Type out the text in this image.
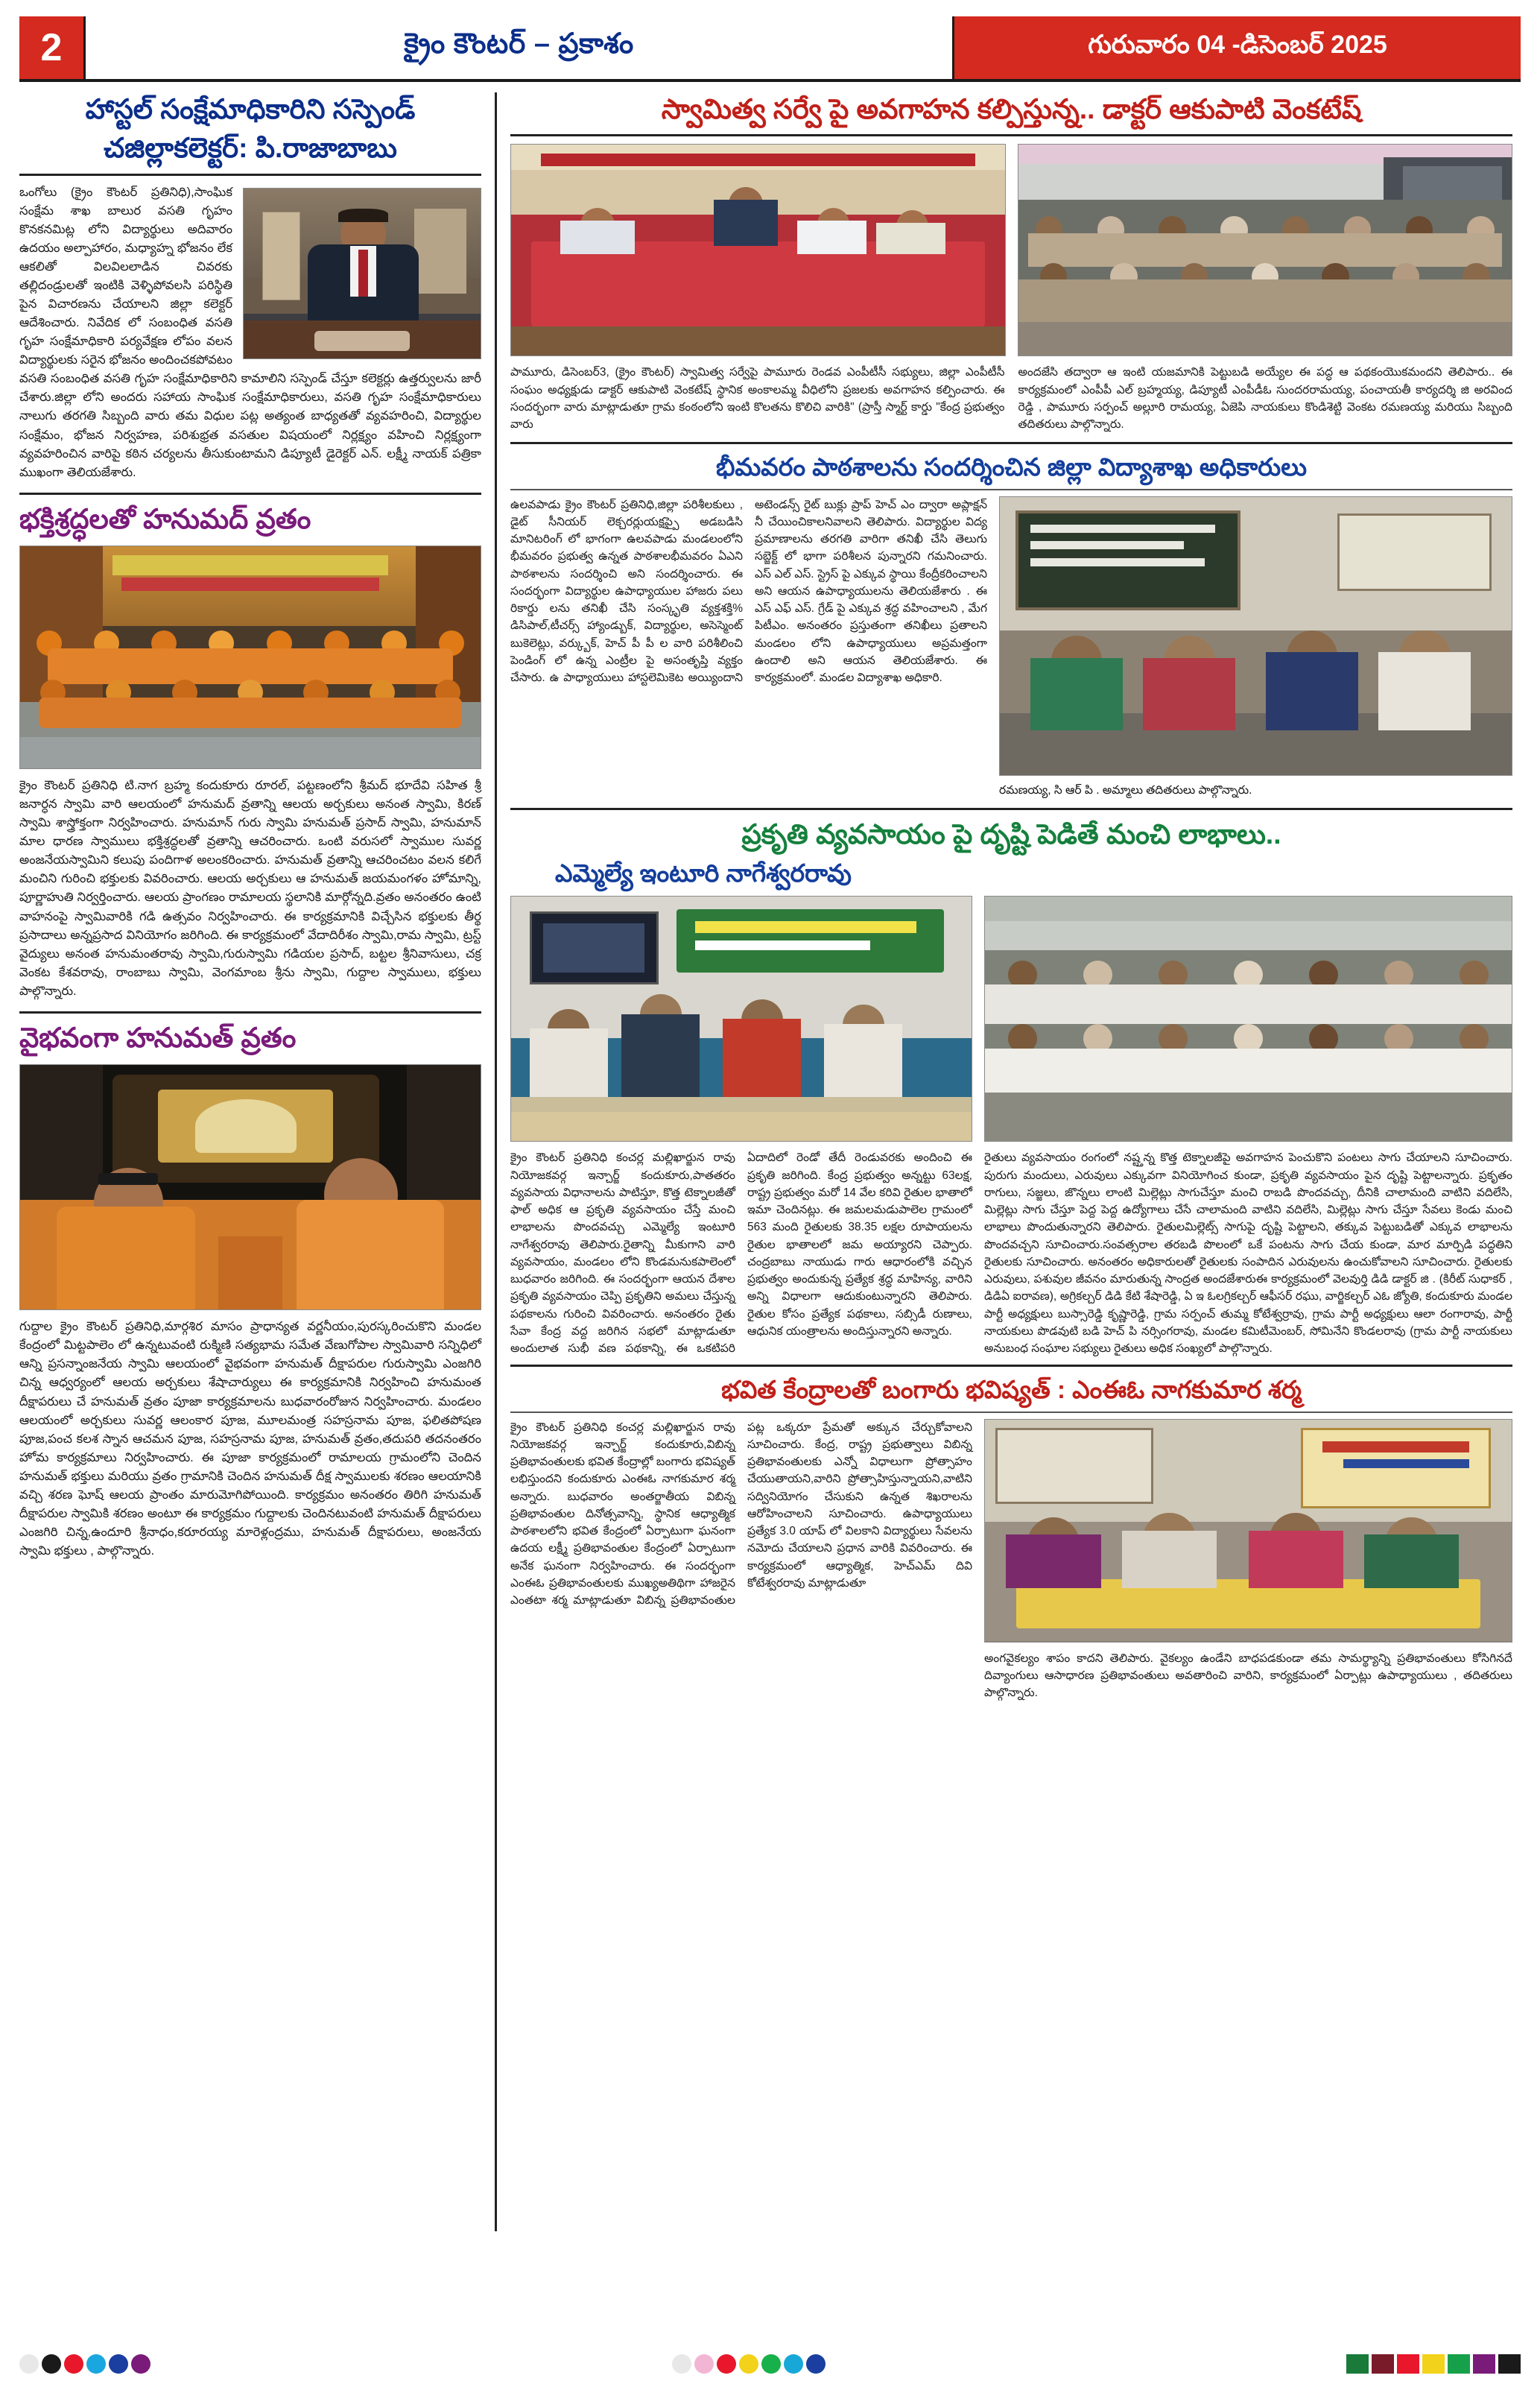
2	క్రైం కౌంటర్ – ప్రకాశం	గురువారం 04 -డిసెంబర్ 2025
హాస్టల్ సంక్షేమాధికారిని సస్పెండ్
చజిల్లాకలెక్టర్: పి.రాజాబాబు
ఒంగోలు (క్రైం కౌంటర్ ప్రతినిధి),సాంఘిక సంక్షేమ శాఖ బాలుర వసతి గృహం కొనకనమిట్ల లోని విద్యార్థులు అదివారం ఉదయం అల్పాహారం, మధ్యాహ్న భోజనం లేక ఆకలితో విలవిలలాడిన చివరకు తల్లిదండ్రులతో ఇంటికి వెళ్ళిపోవలసి పరిస్థితి పైన విచారణను చేయాలని జిల్లా కలెక్టర్ ఆదేశించారు. నివేదిక లో సంబంధిత వసతి గృహ సంక్షేమాధికారి పర్యవేక్షణ లోపం వలన విద్యార్థులకు సరైన భోజనం అందించకపోవటం వసతి సంబంధిత వసతి గృహ సంక్షేమాధికారిని కామాలిని సస్పెండ్ చేస్తూ కలెక్టర్లు ఉత్తర్వులను జారీ చేశారు.జిల్లా లోని అందరు సహాయ సాంఘిక సంక్షేమాధికారులు, వసతి గృహ సంక్షేమాధికారులు నాలుగు తరగతి సిబ్బంది వారు తమ విధుల పట్ల అత్యంత బాధ్యతతో వ్యవహరించి, విద్యార్థుల సంక్షేమం, భోజన నిర్వహణ, పరిశుభ్రత వసతుల విషయంలో నిర్లక్ష్యం వహించి నిర్లక్ష్యంగా వ్యవహరించిన వారిపై కఠిన చర్యలను తీసుకుంటామని డిప్యూటీ డైరెక్టర్ ఎన్. లక్ష్మీ నాయక్ పత్రికా ముఖంగా తెలియజేశారు.
భక్తిశ్రద్ధలతో హనుమద్ వ్రతం
క్రైం కౌంటర్ ప్రతినిధి టి.నాగ బ్రహ్మ కందుకూరు రూరల్, పట్టణంలోని శ్రీమద్ భూదేవి సహిత శ్రీ జనార్ధన స్వామి వారి ఆలయంలో హనుమద్ వ్రతాన్ని ఆలయ అర్చకులు అనంత స్వామి, కిరణ్ స్వామి శాస్త్రోక్తంగా నిర్వహించారు. హనుమాన్ గురు స్వామి హనుమత్ ప్రసాద్ స్వామి, హనుమాన్ మాల ధారణ స్వాములు భక్తిశ్రద్ధలతో వ్రతాన్ని ఆచరించారు. ఒంటి వరుసలో స్వాముల సువర్ణ అంజనేయస్వామిని కలుపు పందిగాళ అలంకరించారు. హనుమత్ వ్రతాన్ని ఆచరించటం వలన కలిగే మంచిని గురించి భక్తులకు వివరించారు. ఆలయ అర్చకులు ఆ హనుమత్ జయమంగళం హోమాన్ని, పూర్ణాహుతి నిర్వర్తించారు. ఆలయ ప్రాంగణం రామాలయ స్థలానికి మార్గోన్నది.వ్రతం అనంతరం ఉంటి వాహనంపై స్వామివారికి గడి ఉత్సవం నిర్వహించారు. ఈ కార్యక్రమానికి విచ్చేసిన భక్తులకు తీర్థ ప్రసాదాలు అన్నప్రసాద వినియోగం జరిగింది. ఈ కార్యక్రమంలో వేదాదిరీశం స్వామి,రామ స్వామి, ట్రస్ట్ వైద్యులు అనంత హనుమంతరావు స్వామి,గురుస్వామి గడియల ప్రసాద్, బట్టల శ్రీనివాసులు, చక్ర వెంకట కేశవరావు, రాంబాబు స్వామి, వెంగమాంబ శ్రీను స్వామి, గుద్దాల స్వాములు, భక్తులు పాల్గొన్నారు.
వైభవంగా హనుమత్ వ్రతం
గుద్దాల క్రైం కౌంటర్ ప్రతినిధి,మార్గశిర మాసం ప్రాధాన్యత వర్ణనీయం,పురస్కరించుకొని మండల కేంద్రంలో మిట్టపాలెం లో ఉన్నటువంటి రుక్మిణి సత్యభామ సమేత వేణుగోపాల స్వామివారి సన్నిధిలో ఆన్ని ప్రసన్నాంజనేయ స్వామి ఆలయంలో వైభవంగా హనుమత్ దీక్షాపరుల గురుస్వామి ఎంజగిరి చిన్న ఆధ్వర్యంలో ఆలయ అర్చకులు శేషాచార్యులు ఈ కార్యక్రమానికి నిర్వహించి హనుమంత దీక్షాపరులు చే హనుమత్ వ్రతం పూజా కార్యక్రమాలను బుధవారంరోజున నిర్వహించారు. మండలం ఆలయంలో అర్చకులు సువర్ణ ఆలంకార పూజ, మూలమంత్ర సహస్రనామ పూజ, ఫలితపోషణ పూజ,పంచ కలశ స్నాన ఆచమన పూజ, సహస్రనామ పూజ, హనుమత్ వ్రతం,తదుపరి తదనంతరం హోమ కార్యక్రమాలు నిర్వహించారు. ఈ పూజా కార్యక్రమంలో రామాలయ గ్రామంలోని చెందిన హనుమత్ భక్తులు మరియు వ్రతం గ్రామానికి చెందిన హనుమత్ దీక్ష స్వాములకు శరణం ఆలయానికి వచ్చి శరణ ఘోష్ ఆలయ ప్రాంతం మారుమోగిపోయింది. కార్యక్రమం అనంతరం తిరిగి హనుమత్ దీక్షాపరుల స్వామికి శరణం అంటూ ఈ కార్యక్రమం గుద్దాలకు చెందినటువంటి హనుమత్ దీక్షాపరులు ఎంజగిరి చిన్న,ఉందూరి శ్రీనాధం,కరూరయ్య మారెళ్లంద్రము, హనుమత్ దీక్షాపరులు, అంజనేయ స్వామి భక్తులు , పాల్గొన్నారు.
స్వామిత్వ సర్వే పై అవగాహన కల్పిస్తున్న.. డాక్టర్ ఆకుపాటి వెంకటేష్
పామూరు, డిసెంబర్3, (క్రైం కౌంటర్) స్వామిత్వ సర్వేపై పామూరు రెండవ ఎంపీటీసీ సభ్యులు, జిల్లా ఎంపీటీసీ సంఘం అధ్యక్షుడు డాక్టర్ ఆకుపాటి వెంకటేష్ స్థానిక అంకాలమ్మ వీధిలోని ప్రజలకు అవగాహన కల్పించారు. ఈ సందర్భంగా వారు మాట్లాడుతూ గ్రామ కంఠంలోని ఇంటి కొలతను కొలిచి వారికి" (ప్రాస్తీ స్మార్ట్ కార్డు "కేంద్ర ప్రభుత్వం వారు
అందజేసి తద్వారా ఆ ఇంటి యజమానికి పెట్టుబడి అయ్యేల ఈ పద్ధ ఆ పథకంయొకమందని తెలిపారు.. ఈ కార్యక్రమంలో ఎంపీపీ ఎల్ బ్రహ్మయ్య, డిప్యూటీ ఎంపీడీఓ సుందరరామయ్య, పంచాయతీ కార్యదర్శి జి అరవింద రెడ్డి , పామూరు సర్పంచ్ అల్లూరి రామయ్య, ఏజెపి నాయకులు కొండిశెట్టి వెంకట రమణయ్య మరియు సిబ్బంది తదితరులు పాల్గొన్నారు.
భీమవరం పాఠశాలను సందర్శించిన జిల్లా విద్యాశాఖ అధికారులు
ఉలవపాడు క్రైం కౌంటర్ ప్రతినిధి,జిల్లా పరిశీలకులు , డైట్ సీనియర్ లెక్చరర్లుయక్షప్పై అడబడిసి మానిటరింగ్ లో భాగంగా ఉలవపాడు మండలంలోని భీమవరం ప్రభుత్వ ఉన్నత పాఠశాలభీమవరం ఏఎని పాఠశాలను సందర్శించి అని సందర్శించారు. ఈ సందర్భంగా విద్యార్థుల ఉపాధ్యాయుల హాజరు పలు రికార్డు లను తనిఖీ చేసి సంస్కృతి వ్యక్తశక్తి% డిసిపాల్,టీచర్స్ హ్యాండ్బుక్, విద్యార్థుల, అసెస్మెంట్ బుకెలెట్లు, వర్క్బుక్, హెచ్ పీ పీ ల వారి పరిశీలించి పెండింగ్ లో ఉన్న ఎంట్రీల పై అసంతృప్తి వ్యక్తం చేసారు. ఉ పాధ్యాయులు హాస్టలెమికెట అయ్యిందాని అటెండన్స్ రైట్ బుక్లు ప్రాప్ హెచ్ ఎం ద్వారా అప్లాక్షన్ నీ చేయించికాలనివాలని తెలిపారు. విద్యార్థుల విద్య ప్రమాణాలను తరగతి వారిగా తనిఖీ చేసి తెలుగు సబ్జెక్ట్ లో భాగా పరిశీలన పున్నారని గమనించారు. ఎస్ ఎల్ ఎస్. స్ట్రెస్ పై ఎక్కువ స్థాయి కేంద్రీకరించాలని అని ఆయన ఉపాధ్యాయులను తెలియజేశారు . ఈ ఎస్ ఎఫ్ ఎస్. గ్రేడ్ పై ఎక్కువ శ్రద్ధ వహించాలని , మేగ పిటీఎం. అనంతరం ప్రస్తుతంగా తనిఖీలు ప్రతాలని మండలం లోని ఉపాధ్యాయులు అప్రమత్తంగా ఉందాలి అని ఆయన తెలియజేశారు. ఈ కార్యక్రమంలో. మండల విద్యాశాఖ అధికారి.
రమణయ్య, సి ఆర్ పి . అమ్మాలు తదితరులు పాల్గొన్నారు.
ప్రకృతి వ్యవసాయం పై దృష్టి పెడితే మంచి లాభాలు..
ఎమ్మెల్యే ఇంటూరి నాగేశ్వరరావు
క్రైం కౌంటర్ ప్రతినిధి కంచర్ల మల్లిఖార్జున రావు నియోజకవర్గ ఇన్చార్జ్ కందుకూరు,పాతతరం వ్యవసాయ విధానాలను పాటిస్తూ, కొత్త టెక్నాలజీతో ఫాల్ అధిక ఆ ప్రకృతి వ్యవసాయం చేస్తే మంచి లాభాలను పొందవచ్చు ఎమ్మెల్యే ఇంటూరి నాగేశ్వరరావు తెలిపారు.రైతాన్ని మీకుగాని వారి వ్యవసాయం, మండలం లోని కొండమనుకపాలెంలో బుధవారం జరిగింది. ఈ సందర్భంగా ఆయన దేశాల ప్రకృతి వ్యవసాయం చెప్పి ప్రకృతిని అమలు చేస్తున్న పథకాలను గురించి వివరించారు. అనంతరం రైతు సేవా కేంద్ర వద్ద జరిగిన సభలో మాట్లాడుతూ అందులాత సుభీ వణ పథకాన్ని, ఈ ఒకటిపరి ఏదాదిలో రెండో తేదీ రెండువరకు అందించి ఈ ప్రకృతి జరిగింది. కేంద్ర ప్రభుత్వం అన్నట్టు 63లక్ష, రాష్ట్ర ప్రభుత్వం మరో 14 వేల కరివి రైతుల భాతాలో ఇమా చెందినట్లు. ఈ జమలమడుపాలెల గ్రామంలో 563 మంది రైతులకు 38.35 లక్షల రూపాయలను రైతుల భాతాలలో జమ అయ్యారని చెప్పారు. చంద్రబాబు నాయుడు గారు ఆధారంలోకి వచ్చిన ప్రభుత్వం అందుకున్న ప్రత్యేక శ్రద్ధ మాహిన్య, వారిని అన్ని విధాలగా ఆదుకుంటున్నారని తెలిపారు. రైతుల కోసం ప్రత్యేక పథకాలు, సబ్సిడీ రుణాలు, ఆధునిక యంత్రాలను అందిస్తున్నారని అన్నారు.
రైతులు వ్యవసాయం రంగంలో నష్ట్తన్న కొత్త టెక్నాలజీపై అవగాహన పెంచుకొని పంటలు సాగు చేయాలని సూచించారు. పురుగు మందులు, ఎరువులు ఎక్కువగా వినియోగించ కుండా, ప్రకృతి వ్యవసాయం పైన దృష్టి పెట్టాలన్నారు. ప్రకృతం రాగులు, సజ్జలు, జొన్నలు లాంటి మిల్లెట్లు సాగుచేస్తూ మంచి రాబడి పొందవచ్చు, దీనికి చాలామంది వాటిని వదిలేసి, మిల్లెట్లు సాగు చేస్తూ పెద్ద పెద్ద ఉద్యోగాలు చేసే చాలామంది వాటిని వదిలేసి, మిల్లెట్లు సాగు చేస్తూ సేవలు కెండు మంచి లాభాలు పొందుతున్నారని తెలిపారు. రైతులమిల్లెట్స్ సాగుపై దృష్టి పెట్టాలని, తక్కువ పెట్టుబడితో ఎక్కువ లాభాలను పొందవచ్చని సూచించారు.సంవత్సరాల తరబడి పొలంలో ఒకే పంటను సాగు చేయ కుండా, మార మార్పిడి పద్ధతిని రైతులకు సూచించారు. అనంతరం అధికారులతో రైతులకు సంపాదిన ఎరువులను ఉంచుకోవాలని సూచించారు. రైతులకు ఎరువులు, పశువుల జీవనం మారుతున్న సాంద్రత అందజేశారుఈ కార్యక్రమంలో వెలవుర్తి డిడి డాక్టర్ జి . (కిరీట్ సుధాకర్ , డిడిఏ ఐరావణ), అగ్రికల్చర్ డిడి కేటి శేషారెడ్డి, ఏ ఇ ఓలగ్రికల్చర్ ఆఫీసర్ రఘు, వార్జికల్చర్ ఎఓ జ్యోతి, కందుకూరు మండల పార్టీ అధ్యక్షులు బుస్సారెడ్డి కృష్ణారెడ్డి, గ్రామ సర్పంచ్ తుమ్మ కోటేశ్వర్రావు, గ్రామ పార్టీ అధ్యక్షులు ఆలా రంగారావు, పార్టీ నాయకులు పొడవుటి బడి హెచ్ పి నర్సింగరావు, మండల కమిటీమెంబర్, సోమినేని కొండలరావు (గ్రామ పార్టీ నాయకులు అనుబంధ సంఘాల సభ్యులు రైతులు అధిక సంఖ్యలో పాల్గొన్నారు.
భవిత కేంద్రాలతో బంగారు భవిష్యత్ : ఎంఈఓ నాగకుమార శర్మ
క్రైం కౌంటర్ ప్రతినిధి కంచర్ల మల్లిఖార్జున రావు నియోజకవర్గ ఇన్చార్జ్ కందుకూరు,విబిన్న ప్రతిభావంతులకు భవిత కేంద్రాల్లో బంగారు భవిష్యత్ లభిస్తుందని కందుకూరు ఎంఈఓ నాగకుమార శర్మ అన్నారు. బుధవారం అంతర్జాతీయ విబిన్న ప్రతిభావంతుల దినోత్సవాన్ని, స్థానిక ఆధ్యాత్మిక పాఠశాలలోని భవిత కేంద్రంలో ఏర్పాటుగా ఘనంగా ఉదయ లక్ష్మీ ప్రతిభావంతుల కేంద్రంలో ఏర్పాటుగా అనేక ఘనంగా నిర్వహించారు. ఈ సందర్భంగా ఎంఈఓ ప్రతిభావంతులకు ముఖ్యఅతిథిగా హాజరైన ఎంతటా శర్మ మాట్లాడుతూ విబిన్న ప్రతిభావంతుల పట్ల ఒక్కరూ ప్రేమతో అక్కున చేర్చుకోవాలని సూచించారు. కేంద్ర, రాష్ట్ర ప్రభుత్వాలు విబిన్న ప్రతిభావంతులకు ఎన్నో విధాలుగా ప్రోత్సాహం చేయుతాయని,వారిని ప్రోత్సాహిస్తున్నాయని,వాటిని సద్వినియోగం చేసుకుని ఉన్నత శిఖరాలను ఆరోహించాలని సూచించారు. ఉపాధ్యాయులు ప్రత్యేక 3.0 యాప్ లో విలకాని విద్యార్థులు సేవలను నమోదు చేయాలని ప్రధాన వారికి వివరించారు. ఈ కార్యక్రమంలో ఆధ్యాత్మిక, హెచ్ఎమ్ దివి కోటేశ్వరరావు మాట్లాడుతూ
అంగవైకల్యం శాపం కాదని తెలిపారు. వైకల్యం ఉండేని బాధపడకుండా తమ సామర్థ్యాన్ని ప్రతిభావంతులు కోసిగినదే దివ్యాంగులు ఆసాధారణ ప్రతిభావంతులు అవతారించి వారిని, కార్యక్రమంలో ఏర్పాట్లు ఉపాధ్యాయులు , తదితరులు పాల్గొన్నారు.
